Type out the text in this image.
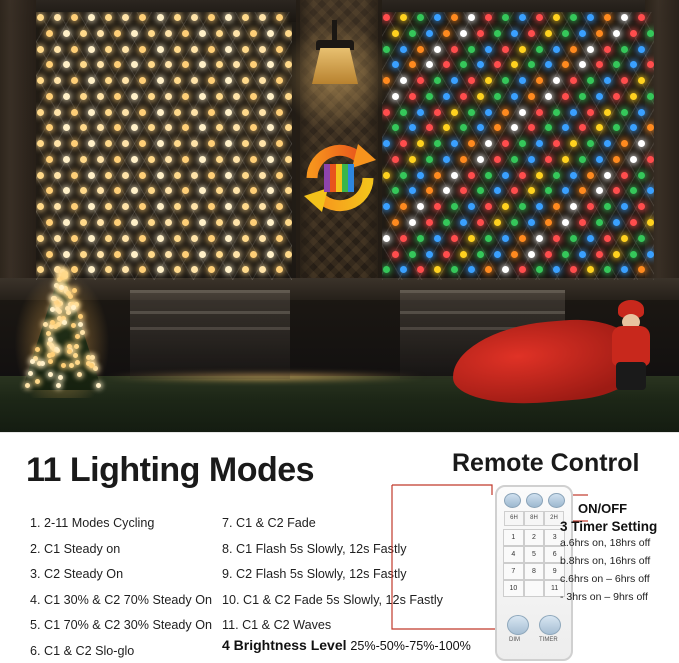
11 Lighting Modes	Remote Control
1. 2-11 Modes Cycling
2. C1 Steady on
3. C2 Steady On
4. C1 30% & C2 70% Steady On
5. C1 70% & C2 30% Steady On
6. C1 & C2 Slo-glo
7. C1 & C2 Fade
8. C1 Flash 5s Slowly, 12s Fastly
9. C2 Flash 5s Slowly, 12s Fastly
10. C1 & C2 Fade 5s Slowly, 12s Fastly
11. C1 & C2 Waves
4 Brightness Level 25%-50%-75%-100%
6H	8H	2H
1	2	3
4	5	6
7	8	9
10	11
DIM	TIMER
ON/OFF
3 Timer Setting
a.6hrs on, 18hrs off
b.8hrs on, 16hrs off
c.6hrs on – 6hrs off
- 3hrs on – 9hrs off
